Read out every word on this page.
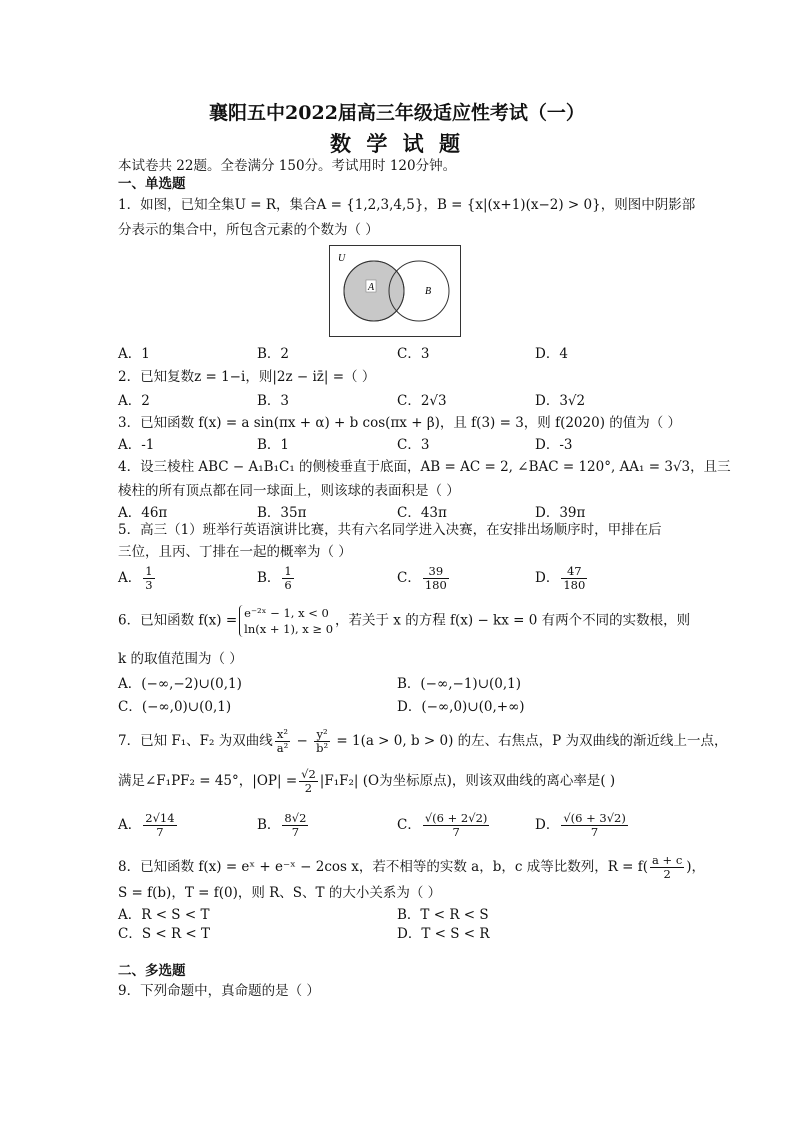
襄阳五中2022届高三年级适应性考试（一）
数 学 试 题
本试卷共 22题。全卷满分 150分。考试用时 120分钟。
一、单选题
1．如图，已知全集U = R，集合A = {1,2,3,4,5}，B = {x|(x+1)(x−2) > 0}，则图中阴影部
分表示的集合中，所包含元素的个数为（ ）
U
A	B
A．1	B．2	C．3	D．4
2．已知复数z = 1−i，则|2z − iz̄| =（ ）
A．2	B．3	C．2√3	D．3√2
3．已知函数 f(x) = a sin(πx + α) + b cos(πx + β)，且 f(3) = 3，则 f(2020) 的值为（ ）
A．-1	B．1	C．3	D．-3
4．设三棱柱 ABC − A₁B₁C₁ 的侧棱垂直于底面，AB = AC = 2, ∠BAC = 120°, AA₁ = 3√3，且三
棱柱的所有顶点都在同一球面上，则该球的表面积是（ ）
A．46π	B．35π	C．43π	D．39π
5．高三（1）班举行英语演讲比赛，共有六名同学进入决赛，在安排出场顺序时，甲排在后
三位，且丙、丁排在一起的概率为（ ）
A． $\frac{1}{3}$	B． $\frac{1}{6}$	C． $\frac{39}{180}$	D． $\frac{47}{180}$
6．已知函数 f(x) = e⁻²ˣ − 1, x < 0
ln(x + 1), x ≥ 0
，若关于 x 的方程 f(x) − kx = 0 有两个不同的实数根，则
k 的取值范围为（ ）
A．(−∞,−2)∪(0,1)	B．(−∞,−1)∪(0,1)
C．(−∞,0)∪(0,1)	D．(−∞,0)∪(0,+∞)
7．已知 F₁、F₂ 为双曲线 $\frac{\text{x²}}{\text{a²}} - \frac{\text{y²}}{\text{b²}} = 1(a > 0$, b > 0) 的左、右焦点，P 为双曲线的渐近线上一点，
满足∠F₁PF₂ = 45°，$|OP| = \frac{√2}{2} |F_1F_2|$ (O为坐标原点)，则该双曲线的离心率是( )
A． $\frac{2√14}{7}$	B． $\frac{8√2}{7}$	C． $\frac{√(6 + 2√2)}{7}$	D． $\frac{√(6 + 3√2)}{7}$
8．已知函数 f(x) = eˣ + e⁻ˣ − 2cos x，若不相等的实数 a，b，c 成等比数列，$R = f( \frac{a + c}{2}$ )，
S = f(b)，T = f(0)，则 R、S、T 的大小关系为（ ）
A．R < S < T	B．T < R < S
C．S < R < T	D．T < S < R
二、多选题
9．下列命题中，真命题的是（ ）
